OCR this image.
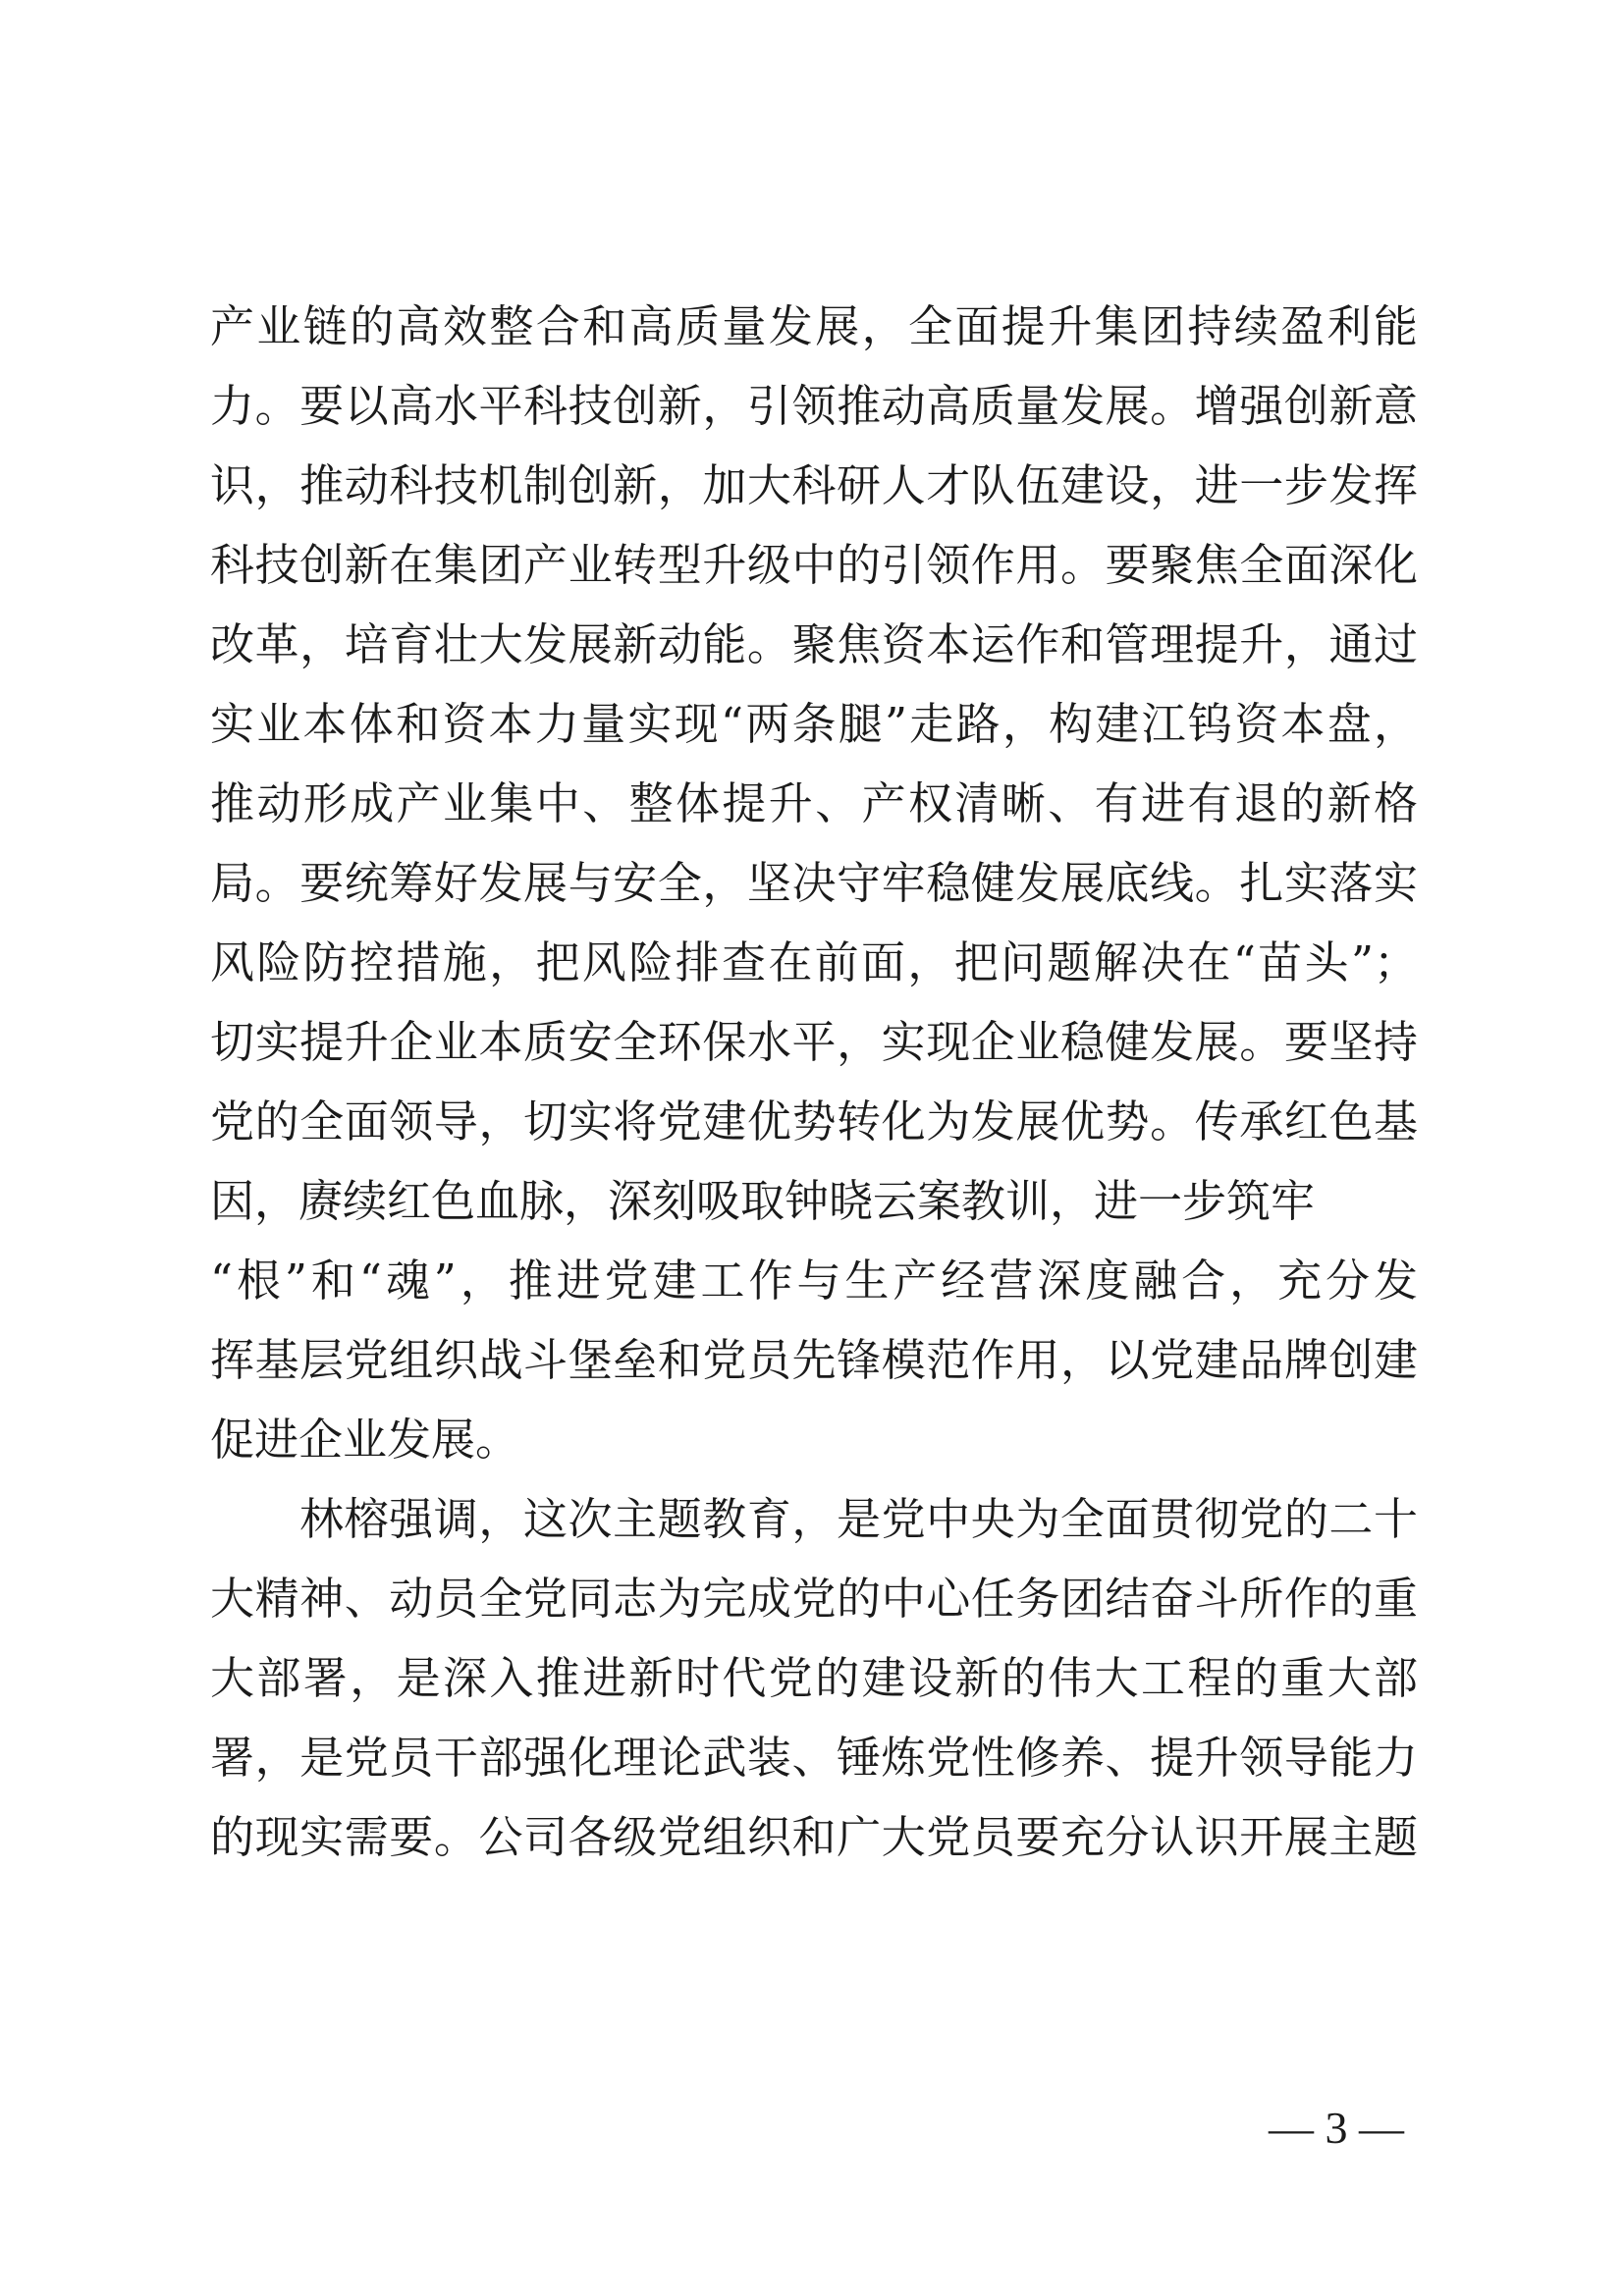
产业链的高效整合和高质量发展，全面提升集团持续盈利能
力。要以高水平科技创新，引领推动高质量发展。增强创新意
识，推动科技机制创新，加大科研人才队伍建设，进一步发挥
科技创新在集团产业转型升级中的引领作用。要聚焦全面深化
改革，培育壮大发展新动能。聚焦资本运作和管理提升，通过
实业本体和资本力量实现“两条腿”走路，构建江钨资本盘，
推动形成产业集中、整体提升、产权清晰、有进有退的新格
局。要统筹好发展与安全，坚决守牢稳健发展底线。扎实落实
风险防控措施，把风险排查在前面，把问题解决在“苗头”；
切实提升企业本质安全环保水平，实现企业稳健发展。要坚持
党的全面领导，切实将党建优势转化为发展优势。传承红色基
因，赓续红色血脉，深刻吸取钟晓云案教训，进一步筑牢
“根”和“魂”，推进党建工作与生产经营深度融合，充分发
挥基层党组织战斗堡垒和党员先锋模范作用，以党建品牌创建
促进企业发展。
林榕强调，这次主题教育，是党中央为全面贯彻党的二十
大精神、动员全党同志为完成党的中心任务团结奋斗所作的重
大部署，是深入推进新时代党的建设新的伟大工程的重大部
署，是党员干部强化理论武装、锤炼党性修养、提升领导能力
的现实需要。公司各级党组织和广大党员要充分认识开展主题
— 3 —
